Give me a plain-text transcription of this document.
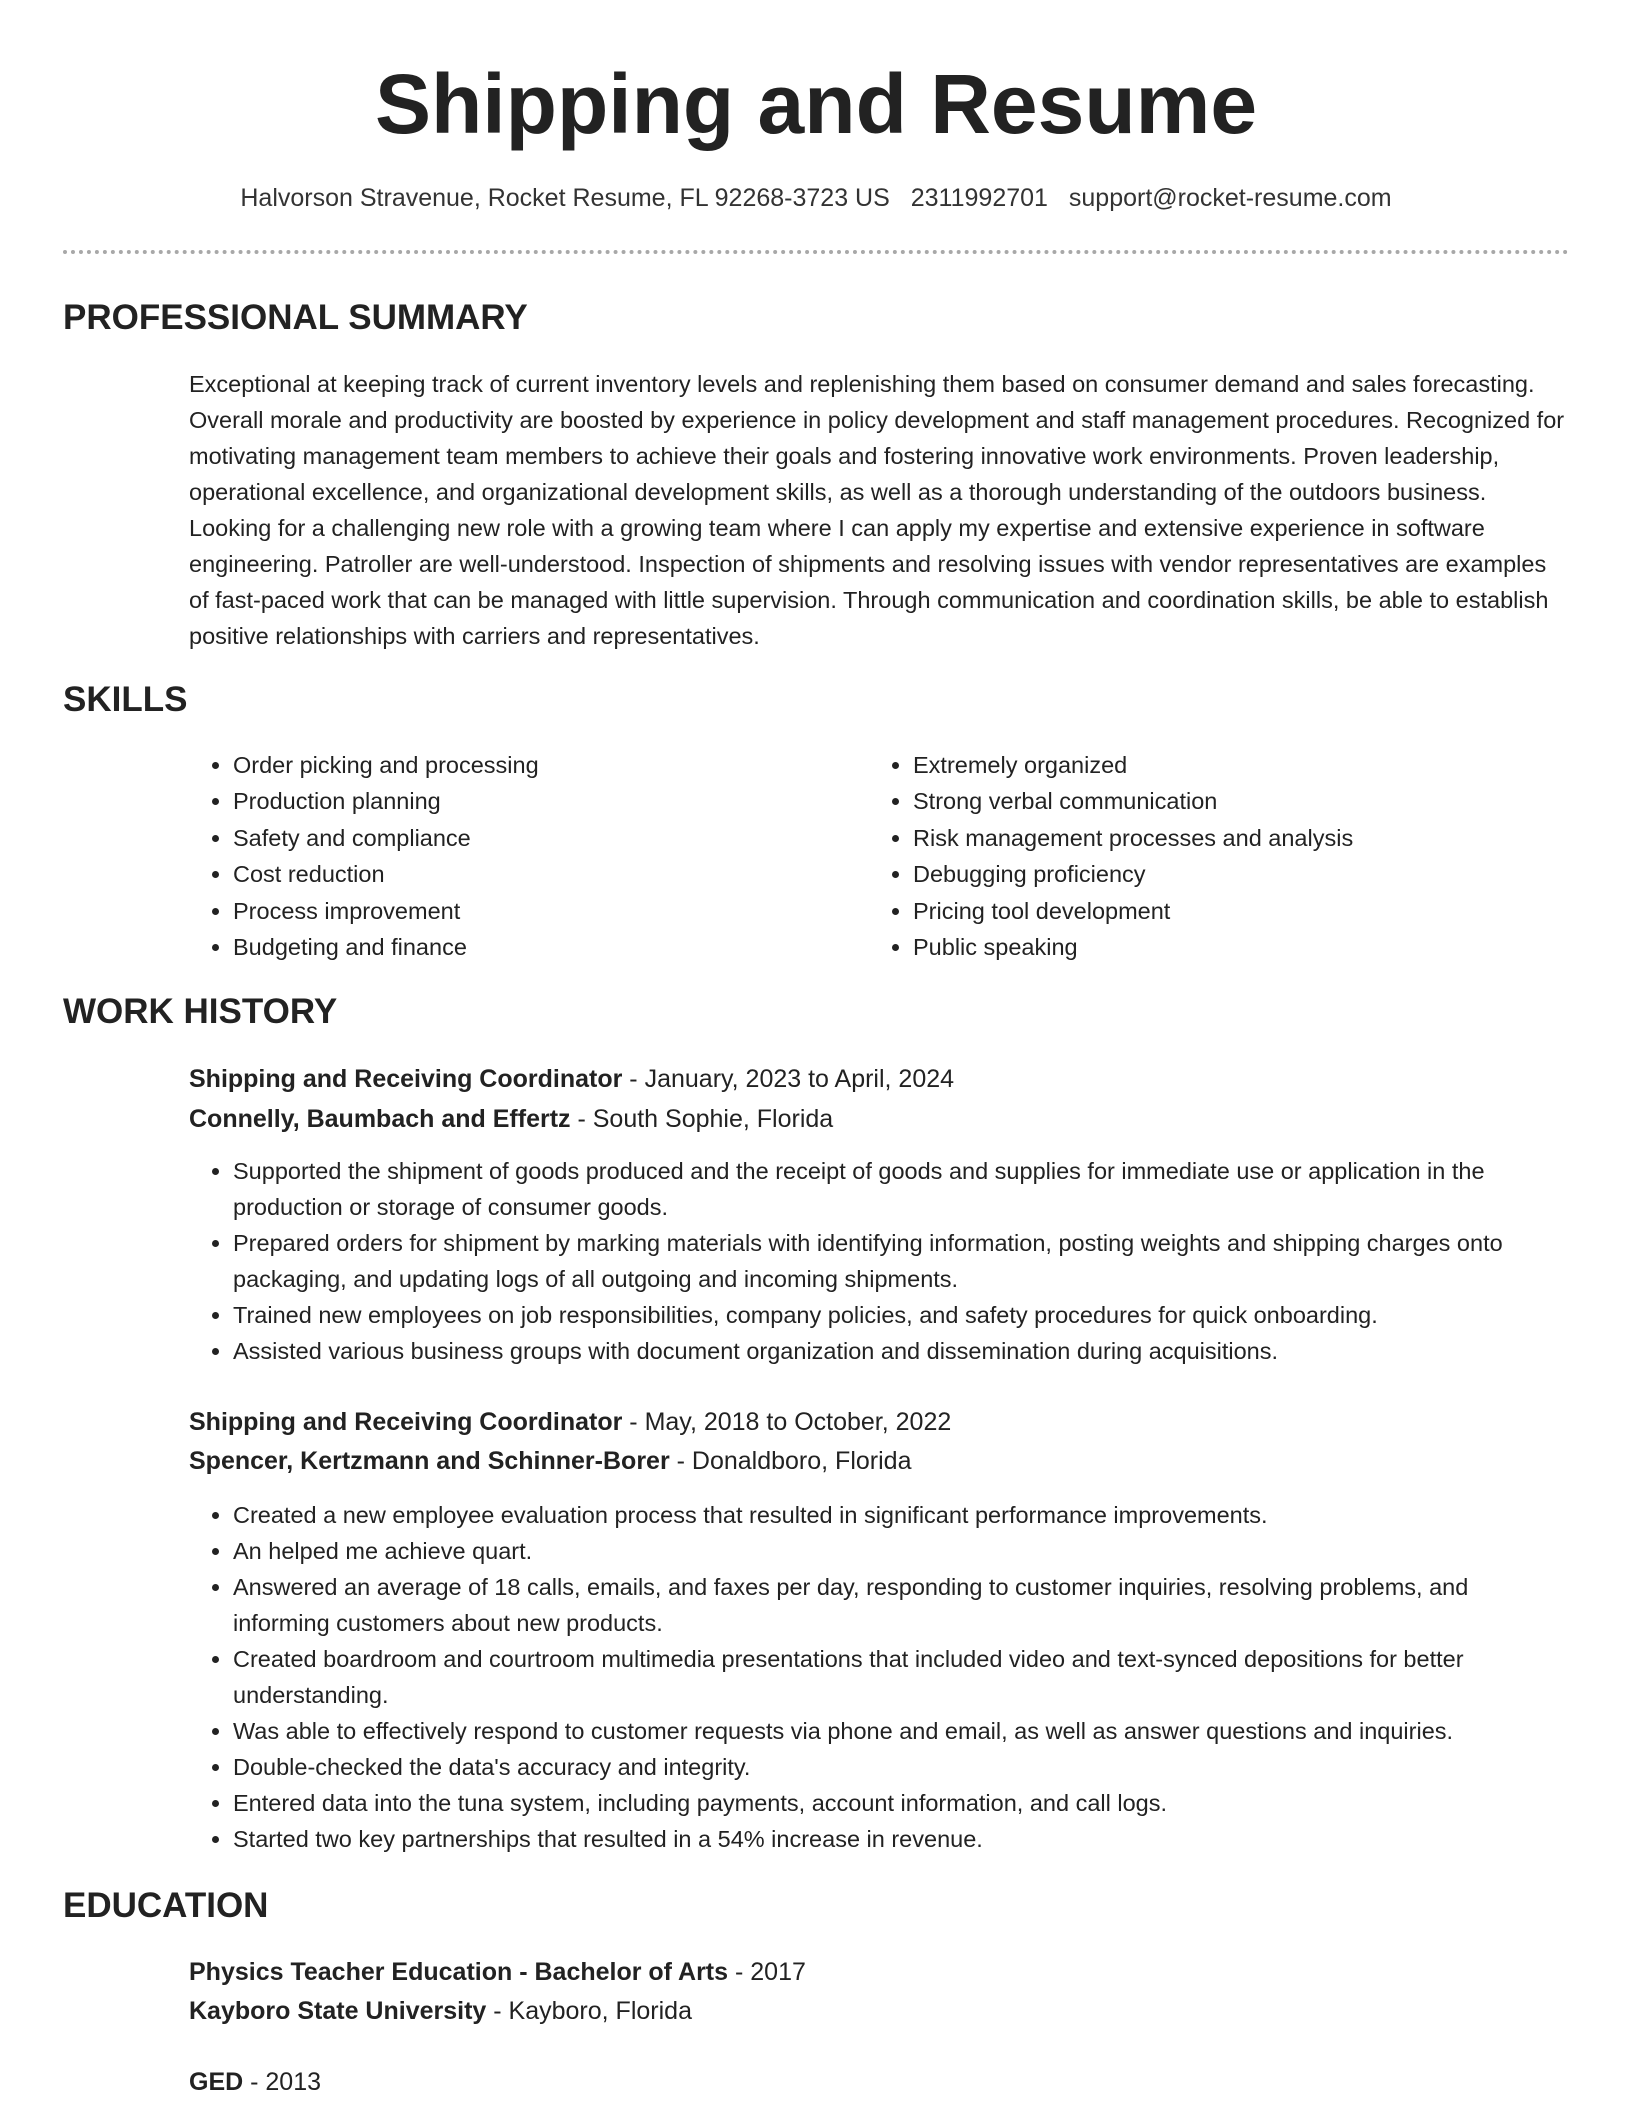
Shipping and Resume
Halvorson Stravenue, Rocket Resume, FL 92268-3723 US 2311992701 support@rocket-resume.com
PROFESSIONAL SUMMARY
Exceptional at keeping track of current inventory levels and replenishing them based on consumer demand and sales forecasting. Overall morale and productivity are boosted by experience in policy development and staff management procedures. Recognized for motivating management team members to achieve their goals and fostering innovative work environments. Proven leadership, operational excellence, and organizational development skills, as well as a thorough understanding of the outdoors business. Looking for a challenging new role with a growing team where I can apply my expertise and extensive experience in software engineering. Patroller are well-understood. Inspection of shipments and resolving issues with vendor representatives are examples of fast-paced work that can be managed with little supervision. Through communication and coordination skills, be able to establish positive relationships with carriers and representatives.
SKILLS
• Order picking and processing
• Production planning
• Safety and compliance
• Cost reduction
• Process improvement
• Budgeting and finance
• Extremely organized
• Strong verbal communication
• Risk management processes and analysis
• Debugging proficiency
• Pricing tool development
• Public speaking
WORK HISTORY
Shipping and Receiving Coordinator - January, 2023 to April, 2024
Connelly, Baumbach and Effertz - South Sophie, Florida
• Supported the shipment of goods produced and the receipt of goods and supplies for immediate use or application in the production or storage of consumer goods.
• Prepared orders for shipment by marking materials with identifying information, posting weights and shipping charges onto packaging, and updating logs of all outgoing and incoming shipments.
• Trained new employees on job responsibilities, company policies, and safety procedures for quick onboarding.
• Assisted various business groups with document organization and dissemination during acquisitions.
Shipping and Receiving Coordinator - May, 2018 to October, 2022
Spencer, Kertzmann and Schinner-Borer - Donaldboro, Florida
• Created a new employee evaluation process that resulted in significant performance improvements.
• An helped me achieve quart.
• Answered an average of 18 calls, emails, and faxes per day, responding to customer inquiries, resolving problems, and informing customers about new products.
• Created boardroom and courtroom multimedia presentations that included video and text-synced depositions for better understanding.
• Was able to effectively respond to customer requests via phone and email, as well as answer questions and inquiries.
• Double-checked the data's accuracy and integrity.
• Entered data into the tuna system, including payments, account information, and call logs.
• Started two key partnerships that resulted in a 54% increase in revenue.
EDUCATION
Physics Teacher Education - Bachelor of Arts - 2017
Kayboro State University - Kayboro, Florida
GED - 2013
